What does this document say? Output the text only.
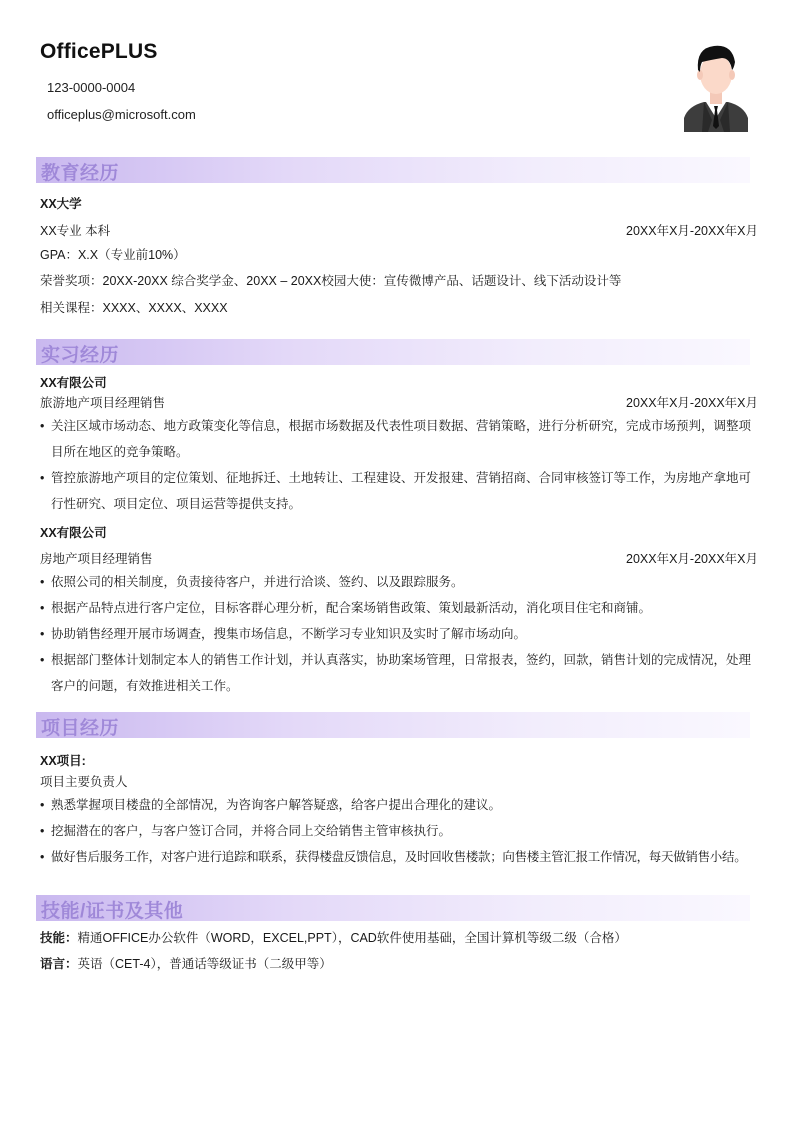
OfficePLUS
123-0000-0004
officeplus@microsoft.com
教育经历
XX大学
XX专业 本科	20XX年X月-20XX年X月
GPA：X.X（专业前10%）
荣誉奖项：20XX-20XX 综合奖学金、20XX – 20XX校园大使：宣传微博产品、话题设计、线下活动设计等
相关课程：XXXX、XXXX、XXXX
实习经历
XX有限公司
旅游地产项目经理销售	20XX年X月-20XX年X月
• 关注区域市场动态、地方政策变化等信息，根据市场数据及代表性项目数据、营销策略，进行分析研究，完成市场预判，调整项目所在地区的竞争策略。
• 管控旅游地产项目的定位策划、征地拆迁、土地转让、工程建设、开发报建、营销招商、合同审核签订等工作，为房地产拿地可行性研究、项目定位、项目运营等提供支持。
XX有限公司
房地产项目经理销售	20XX年X月-20XX年X月
• 依照公司的相关制度，负责接待客户，并进行洽谈、签约、以及跟踪服务。
• 根据产品特点进行客户定位，目标客群心理分析，配合案场销售政策、策划最新活动，消化项目住宅和商铺。
• 协助销售经理开展市场调查，搜集市场信息，不断学习专业知识及实时了解市场动向。
• 根据部门整体计划制定本人的销售工作计划，并认真落实，协助案场管理，日常报表，签约，回款，销售计划的完成情况，处理客户的问题，有效推进相关工作。
项目经历
XX项目:
项目主要负责人
• 熟悉掌握项目楼盘的全部情况，为咨询客户解答疑惑，给客户提出合理化的建议。
• 挖掘潜在的客户，与客户签订合同，并将合同上交给销售主管审核执行。
• 做好售后服务工作，对客户进行追踪和联系，获得楼盘反馈信息，及时回收售楼款；向售楼主管汇报工作情况，每天做销售小结。
技能/证书及其他
技能：精通OFFICE办公软件（WORD，EXCEL,PPT），CAD软件使用基础，全国计算机等级二级（合格）
语言：英语（CET-4），普通话等级证书（二级甲等）
